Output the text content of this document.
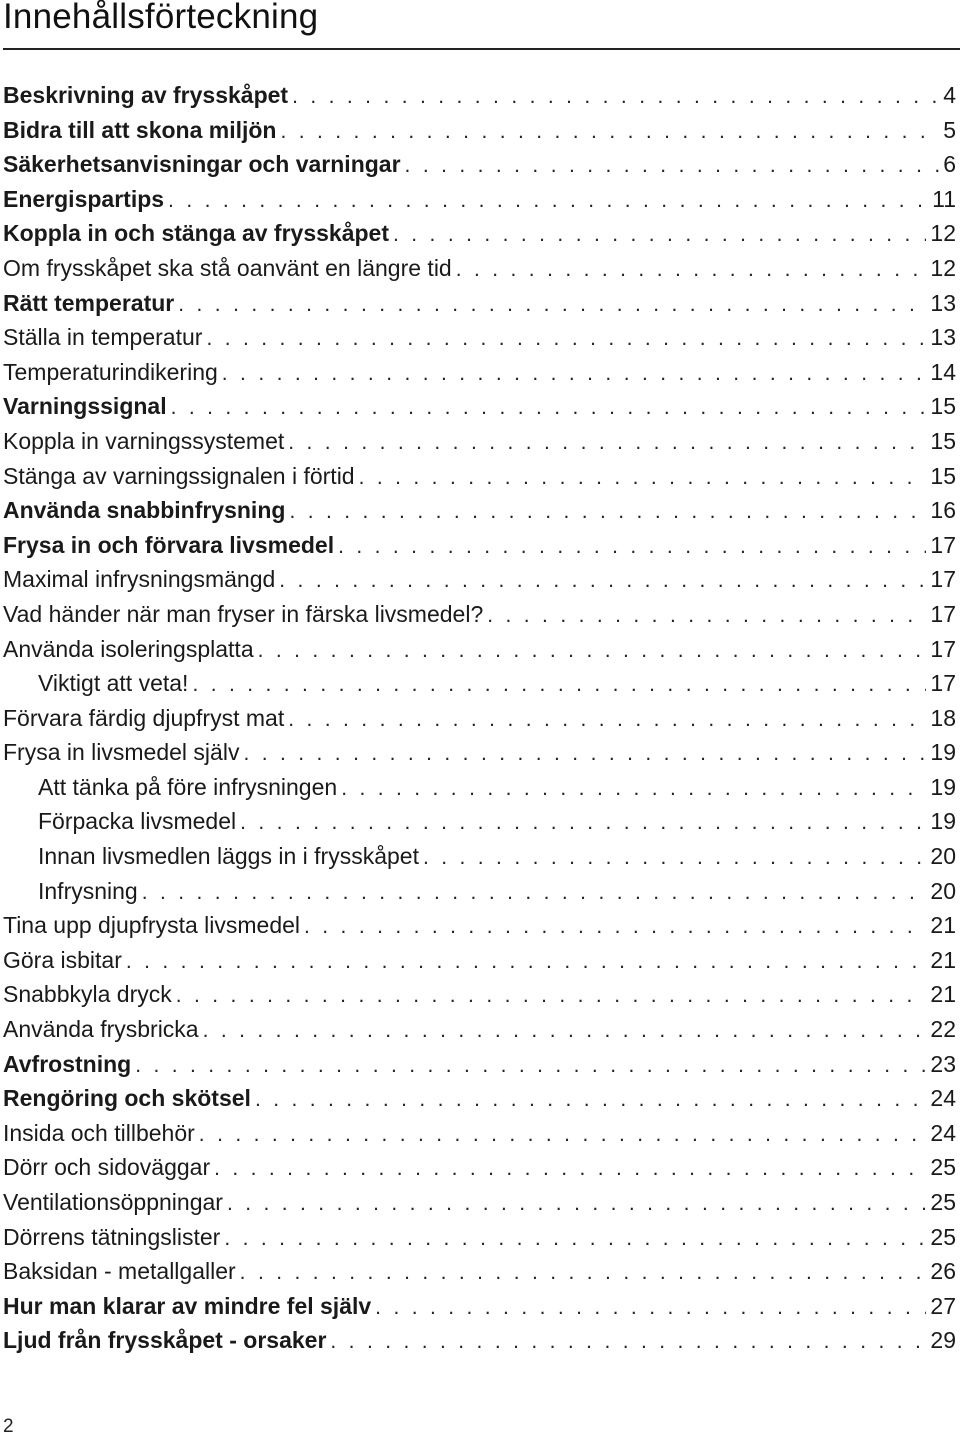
Innehållsförteckning
Beskrivning av frysskåpet . . .	4
Bidra till att skona miljön . . .	5
Säkerhetsanvisningar och varningar . . .	6
Energispartips . . .	11
Koppla in och stänga av frysskåpet . . .	12
Om frysskåpet ska stå oanvänt en längre tid . . .	12
Rätt temperatur . . .	13
Ställa in temperatur . . .	13
Temperaturindikering . . .	14
Varningssignal . . .	15
Koppla in varningssystemet . . .	15
Stänga av varningssignalen i förtid . . .	15
Använda snabbinfrysning . . .	16
Frysa in och förvara livsmedel . . .	17
Maximal infrysningsmängd . . .	17
Vad händer när man fryser in färska livsmedel? . . .	17
Använda isoleringsplatta . . .	17
Viktigt att veta! . . .	17
Förvara färdig djupfryst mat . . .	18
Frysa in livsmedel själv . . .	19
Att tänka på före infrysningen . . .	19
Förpacka livsmedel . . .	19
Innan livsmedlen läggs in i frysskåpet . . .	20
Infrysning . . .	20
Tina upp djupfrysta livsmedel . . .	21
Göra isbitar . . .	21
Snabbkyla dryck . . .	21
Använda frysbricka . . .	22
Avfrostning . . .	23
Rengöring och skötsel . . .	24
Insida och tillbehör . . .	24
Dörr och sidoväggar . . .	25
Ventilationsöppningar . . .	25
Dörrens tätningslister . . .	25
Baksidan - metallgaller . . .	26
Hur man klarar av mindre fel själv . . .	27
Ljud från frysskåpet - orsaker . . .	29
2
